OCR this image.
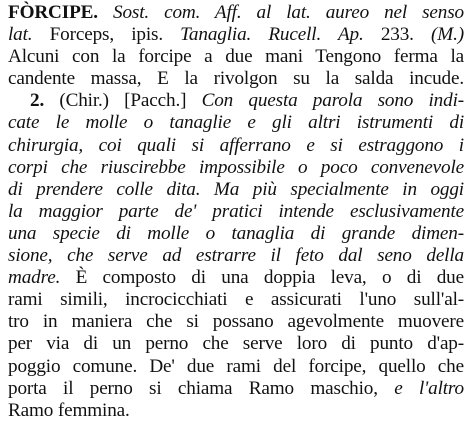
FÒRCIPE. Sost. com. Aff. al lat. aureo nel senso
lat. Forceps, ipis. Tanaglia. Rucell. Ap. 233. (M.)
Alcuni con la forcipe a due mani Tengono ferma la
candente massa, E la rivolgon su la salda incude.
2. (Chir.) [Pacch.] Con questa parola sono indi-
cate le molle o tanaglie e gli altri istrumenti di
chirurgia, coi quali si afferrano e si estraggono i
corpi che riuscirebbe impossibile o poco convenevole
di prendere colle dita. Ma più specialmente in oggi
la maggior parte de' pratici intende esclusivamente
una specie di molle o tanaglia di grande dimen-
sione, che serve ad estrarre il feto dal seno della
madre. È composto di una doppia leva, o di due
rami simili, incrocicchiati e assicurati l'uno sull'al-
tro in maniera che si possano agevolmente muovere
per via di un perno che serve loro di punto d'ap-
poggio comune. De' due rami del forcipe, quello che
porta il perno si chiama Ramo maschio, e l'altro
Ramo femmina.
